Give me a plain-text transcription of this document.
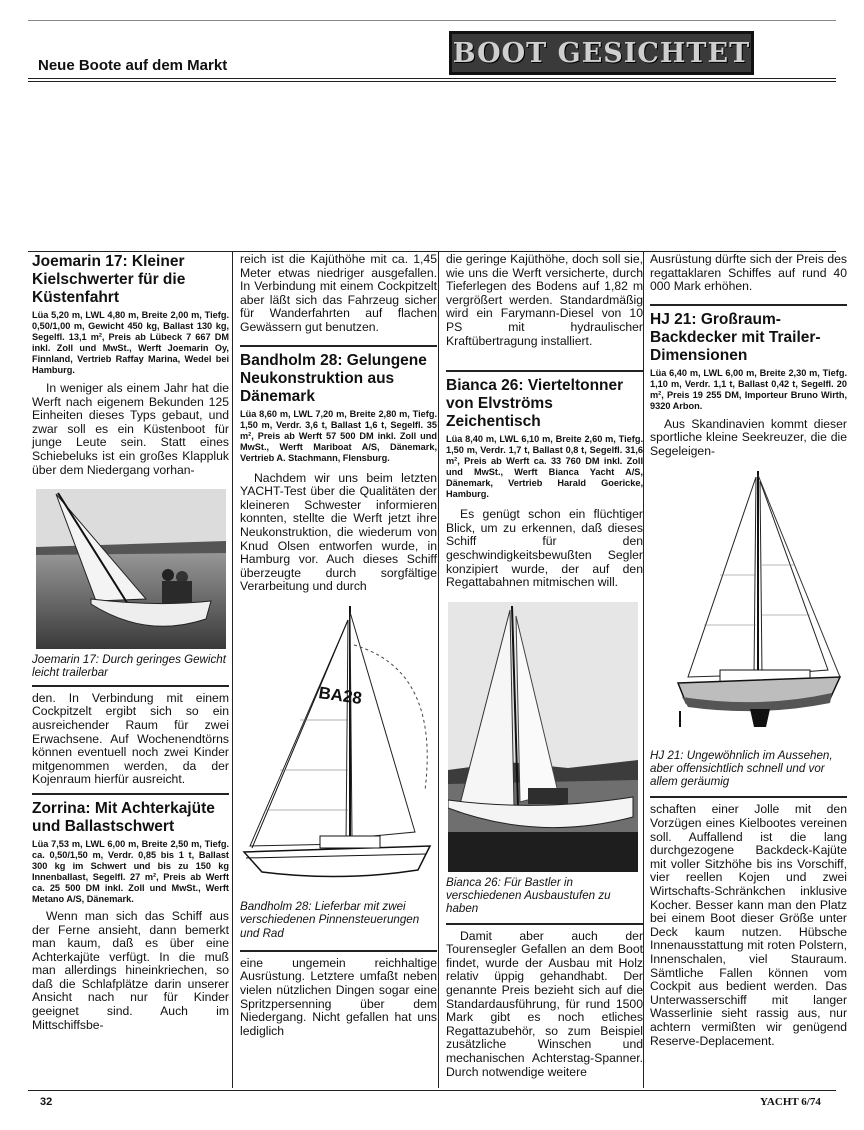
Neue Boote auf dem Markt	BOOT GESICHTET
Joemarin 17: Kleiner Kielschwerter für die Küstenfahrt
Lüa 5,20 m, LWL 4,80 m, Breite 2,00 m, Tiefg. 0,50/1,00 m, Gewicht 450 kg, Ballast 130 kg, Segelfl. 13,1 m², Preis ab Lübeck 7 667 DM inkl. Zoll und MwSt., Werft Joemarin Oy, Finnland, Vertrieb Raffay Marina, Wedel bei Hamburg.

In weniger als einem Jahr hat die Werft nach eigenem Bekunden 125 Einheiten dieses Typs gebaut, und zwar soll es ein Küstenboot für junge Leute sein. Statt eines Schiebeluks ist ein großes Klappluk über dem Niedergang vorhan-

Joemarin 17: Durch geringes Gewicht leicht trailerbar

den. In Verbindung mit einem Cockpitzelt ergibt sich so ein ausreichender Raum für zwei Erwachsene. Auf Wochenendtörns können eventuell noch zwei Kinder mitgenommen werden, da der Kojenraum hierfür ausreicht.

Zorrina: Mit Achterkajüte und Ballastschwert
Lüa 7,53 m, LWL 6,00 m, Breite 2,50 m, Tiefg. ca. 0,50/1,50 m, Verdr. 0,85 bis 1 t, Ballast 300 kg im Schwert und bis zu 150 kg Innenballast, Segelfl. 27 m², Preis ab Werft ca. 25 500 DM inkl. Zoll und MwSt., Werft Metano A/S, Dänemark.

Wenn man sich das Schiff aus der Ferne ansieht, dann bemerkt man kaum, daß es über eine Achterkajüte verfügt. In die muß man allerdings hineinkriechen, so daß die Schlafplätze darin unserer Ansicht nach nur für Kinder geeignet sind. Auch im Mittschiffsbe-

reich ist die Kajüthöhe mit ca. 1,45 Meter etwas niedriger ausgefallen. In Verbindung mit einem Cockpitzelt aber läßt sich das Fahrzeug sicher für Wanderfahrten auf flachen Gewässern gut benutzen.

Bandholm 28: Gelungene Neukonstruktion aus Dänemark
Lüa 8,60 m, LWL 7,20 m, Breite 2,80 m, Tiefg. 1,50 m, Verdr. 3,6 t, Ballast 1,6 t, Segelfl. 35 m², Preis ab Werft 57 500 DM inkl. Zoll und MwSt., Werft Mariboat A/S, Dänemark, Vertrieb A. Stachmann, Flensburg.

Nachdem wir uns beim letzten YACHT-Test über die Qualitäten der kleineren Schwester informieren konnten, stellte die Werft jetzt ihre Neukonstruktion, die wiederum von Knud Olsen entworfen wurde, in Hamburg vor. Auch dieses Schiff überzeugte durch sorgfältige Verarbeitung und durch

BA28

Bandholm 28: Lieferbar mit zwei verschiedenen Pinnensteuerungen und Rad

eine ungemein reichhaltige Ausrüstung. Letztere umfaßt neben vielen nützlichen Dingen sogar eine Spritzpersenning über dem Niedergang. Nicht gefallen hat uns lediglich

die geringe Kajüthöhe, doch soll sie, wie uns die Werft versicherte, durch Tieferlegen des Bodens auf 1,82 m vergrößert werden. Standardmäßig wird ein Farymann-Diesel von 10 PS mit hydraulischer Kraftübertragung installiert.

Bianca 26: Vierteltonner von Elvströms Zeichentisch
Lüa 8,40 m, LWL 6,10 m, Breite 2,60 m, Tiefg. 1,50 m, Verdr. 1,7 t, Ballast 0,8 t, Segelfl. 31,6 m², Preis ab Werft ca. 33 760 DM inkl. Zoll und MwSt., Werft Bianca Yacht A/S, Dänemark, Vertrieb Harald Goericke, Hamburg.

Es genügt schon ein flüchtiger Blick, um zu erkennen, daß dieses Schiff für den geschwindigkeitsbewußten Segler konzipiert wurde, der auf den Regattabahnen mitmischen will.

Bianca 26: Für Bastler in verschiedenen Ausbaustufen zu haben

Damit aber auch der Tourensegler Gefallen an dem Boot findet, wurde der Ausbau mit Holz relativ üppig gehandhabt. Der genannte Preis bezieht sich auf die Standardausführung, für rund 1500 Mark gibt es noch etliches Regattazubehör, so zum Beispiel zusätzliche Winschen und mechanischen Achterstag-Spanner. Durch notwendige weitere

Ausrüstung dürfte sich der Preis des regattaklaren Schiffes auf rund 40 000 Mark erhöhen.

HJ 21: Großraum-Backdecker mit Trailer-Dimensionen
Lüa 6,40 m, LWL 6,00 m, Breite 2,30 m, Tiefg. 1,10 m, Verdr. 1,1 t, Ballast 0,42 t, Segelfl. 20 m², Preis 19 255 DM, Importeur Bruno Wirth, 9320 Arbon.

Aus Skandinavien kommt dieser sportliche kleine Seekreuzer, die die Segeleigen-

HJ 21: Ungewöhnlich im Aussehen, aber offensichtlich schnell und vor allem geräumig

schaften einer Jolle mit den Vorzügen eines Kielbootes vereinen soll. Auffallend ist die lang durchgezogene Backdeck-Kajüte mit voller Sitzhöhe bis ins Vorschiff, vier reellen Kojen und zwei Wirtschafts-Schränkchen inklusive Kocher. Besser kann man den Platz bei einem Boot dieser Größe unter Deck kaum nutzen. Hübsche Innenausstattung mit roten Polstern, Innenschalen, viel Stauraum. Sämtliche Fallen können vom Cockpit aus bedient werden. Das Unterwasserschiff mit langer Wasserlinie sieht rassig aus, nur achtern vermißten wir genügend Reserve-Deplacement.

32	YACHT 6/74
